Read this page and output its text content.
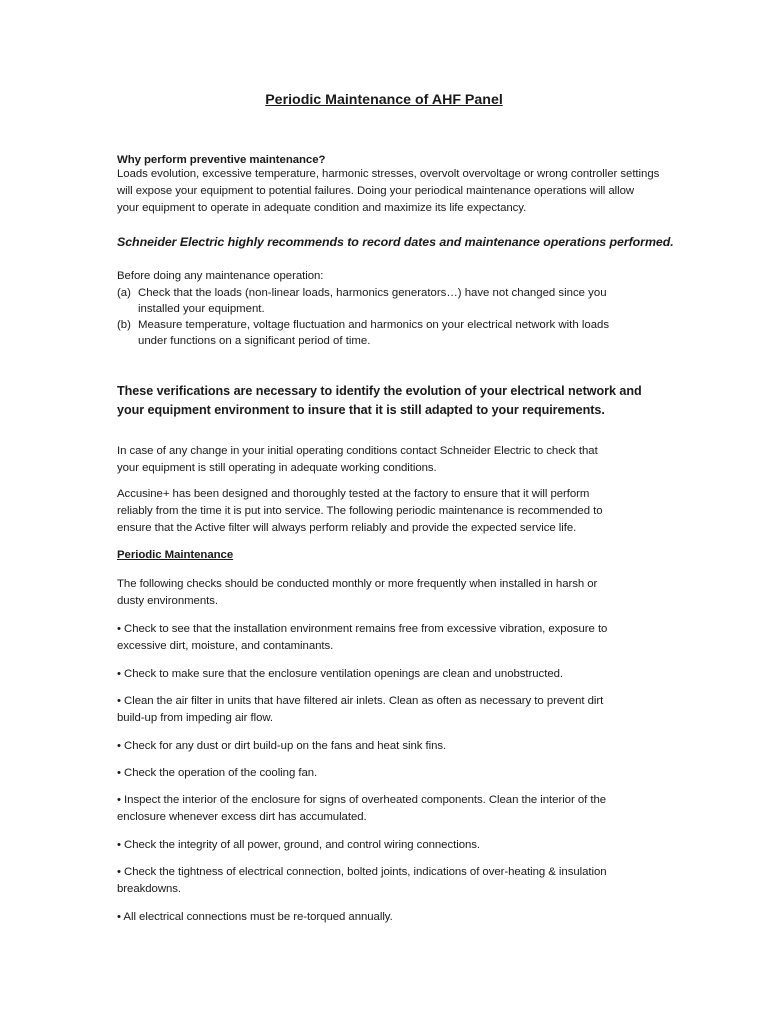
Periodic Maintenance of AHF Panel
Why perform preventive maintenance?
Loads evolution, excessive temperature, harmonic stresses, overvolt overvoltage or wrong controller settings
will expose your equipment to potential failures. Doing your periodical maintenance operations will allow
your equipment to operate in adequate condition and maximize its life expectancy.
Schneider Electric highly recommends to record dates and maintenance operations performed.
Before doing any maintenance operation:
(a) Check that the loads (non-linear loads, harmonics generators…) have not changed since you
installed your equipment.
(b) Measure temperature, voltage fluctuation and harmonics on your electrical network with loads
under functions on a significant period of time.
These verifications are necessary to identify the evolution of your electrical network and
your equipment environment to insure that it is still adapted to your requirements.
In case of any change in your initial operating conditions contact Schneider Electric to check that
your equipment is still operating in adequate working conditions.
Accusine+ has been designed and thoroughly tested at the factory to ensure that it will perform
reliably from the time it is put into service. The following periodic maintenance is recommended to
ensure that the Active filter will always perform reliably and provide the expected service life.
Periodic Maintenance
The following checks should be conducted monthly or more frequently when installed in harsh or
dusty environments.
• Check to see that the installation environment remains free from excessive vibration, exposure to
excessive dirt, moisture, and contaminants.
• Check to make sure that the enclosure ventilation openings are clean and unobstructed.
• Clean the air filter in units that have filtered air inlets. Clean as often as necessary to prevent dirt
build-up from impeding air flow.
• Check for any dust or dirt build-up on the fans and heat sink fins.
• Check the operation of the cooling fan.
• Inspect the interior of the enclosure for signs of overheated components. Clean the interior of the
enclosure whenever excess dirt has accumulated.
• Check the integrity of all power, ground, and control wiring connections.
• Check the tightness of electrical connection, bolted joints, indications of over-heating & insulation
breakdowns.
• All electrical connections must be re-torqued annually.
